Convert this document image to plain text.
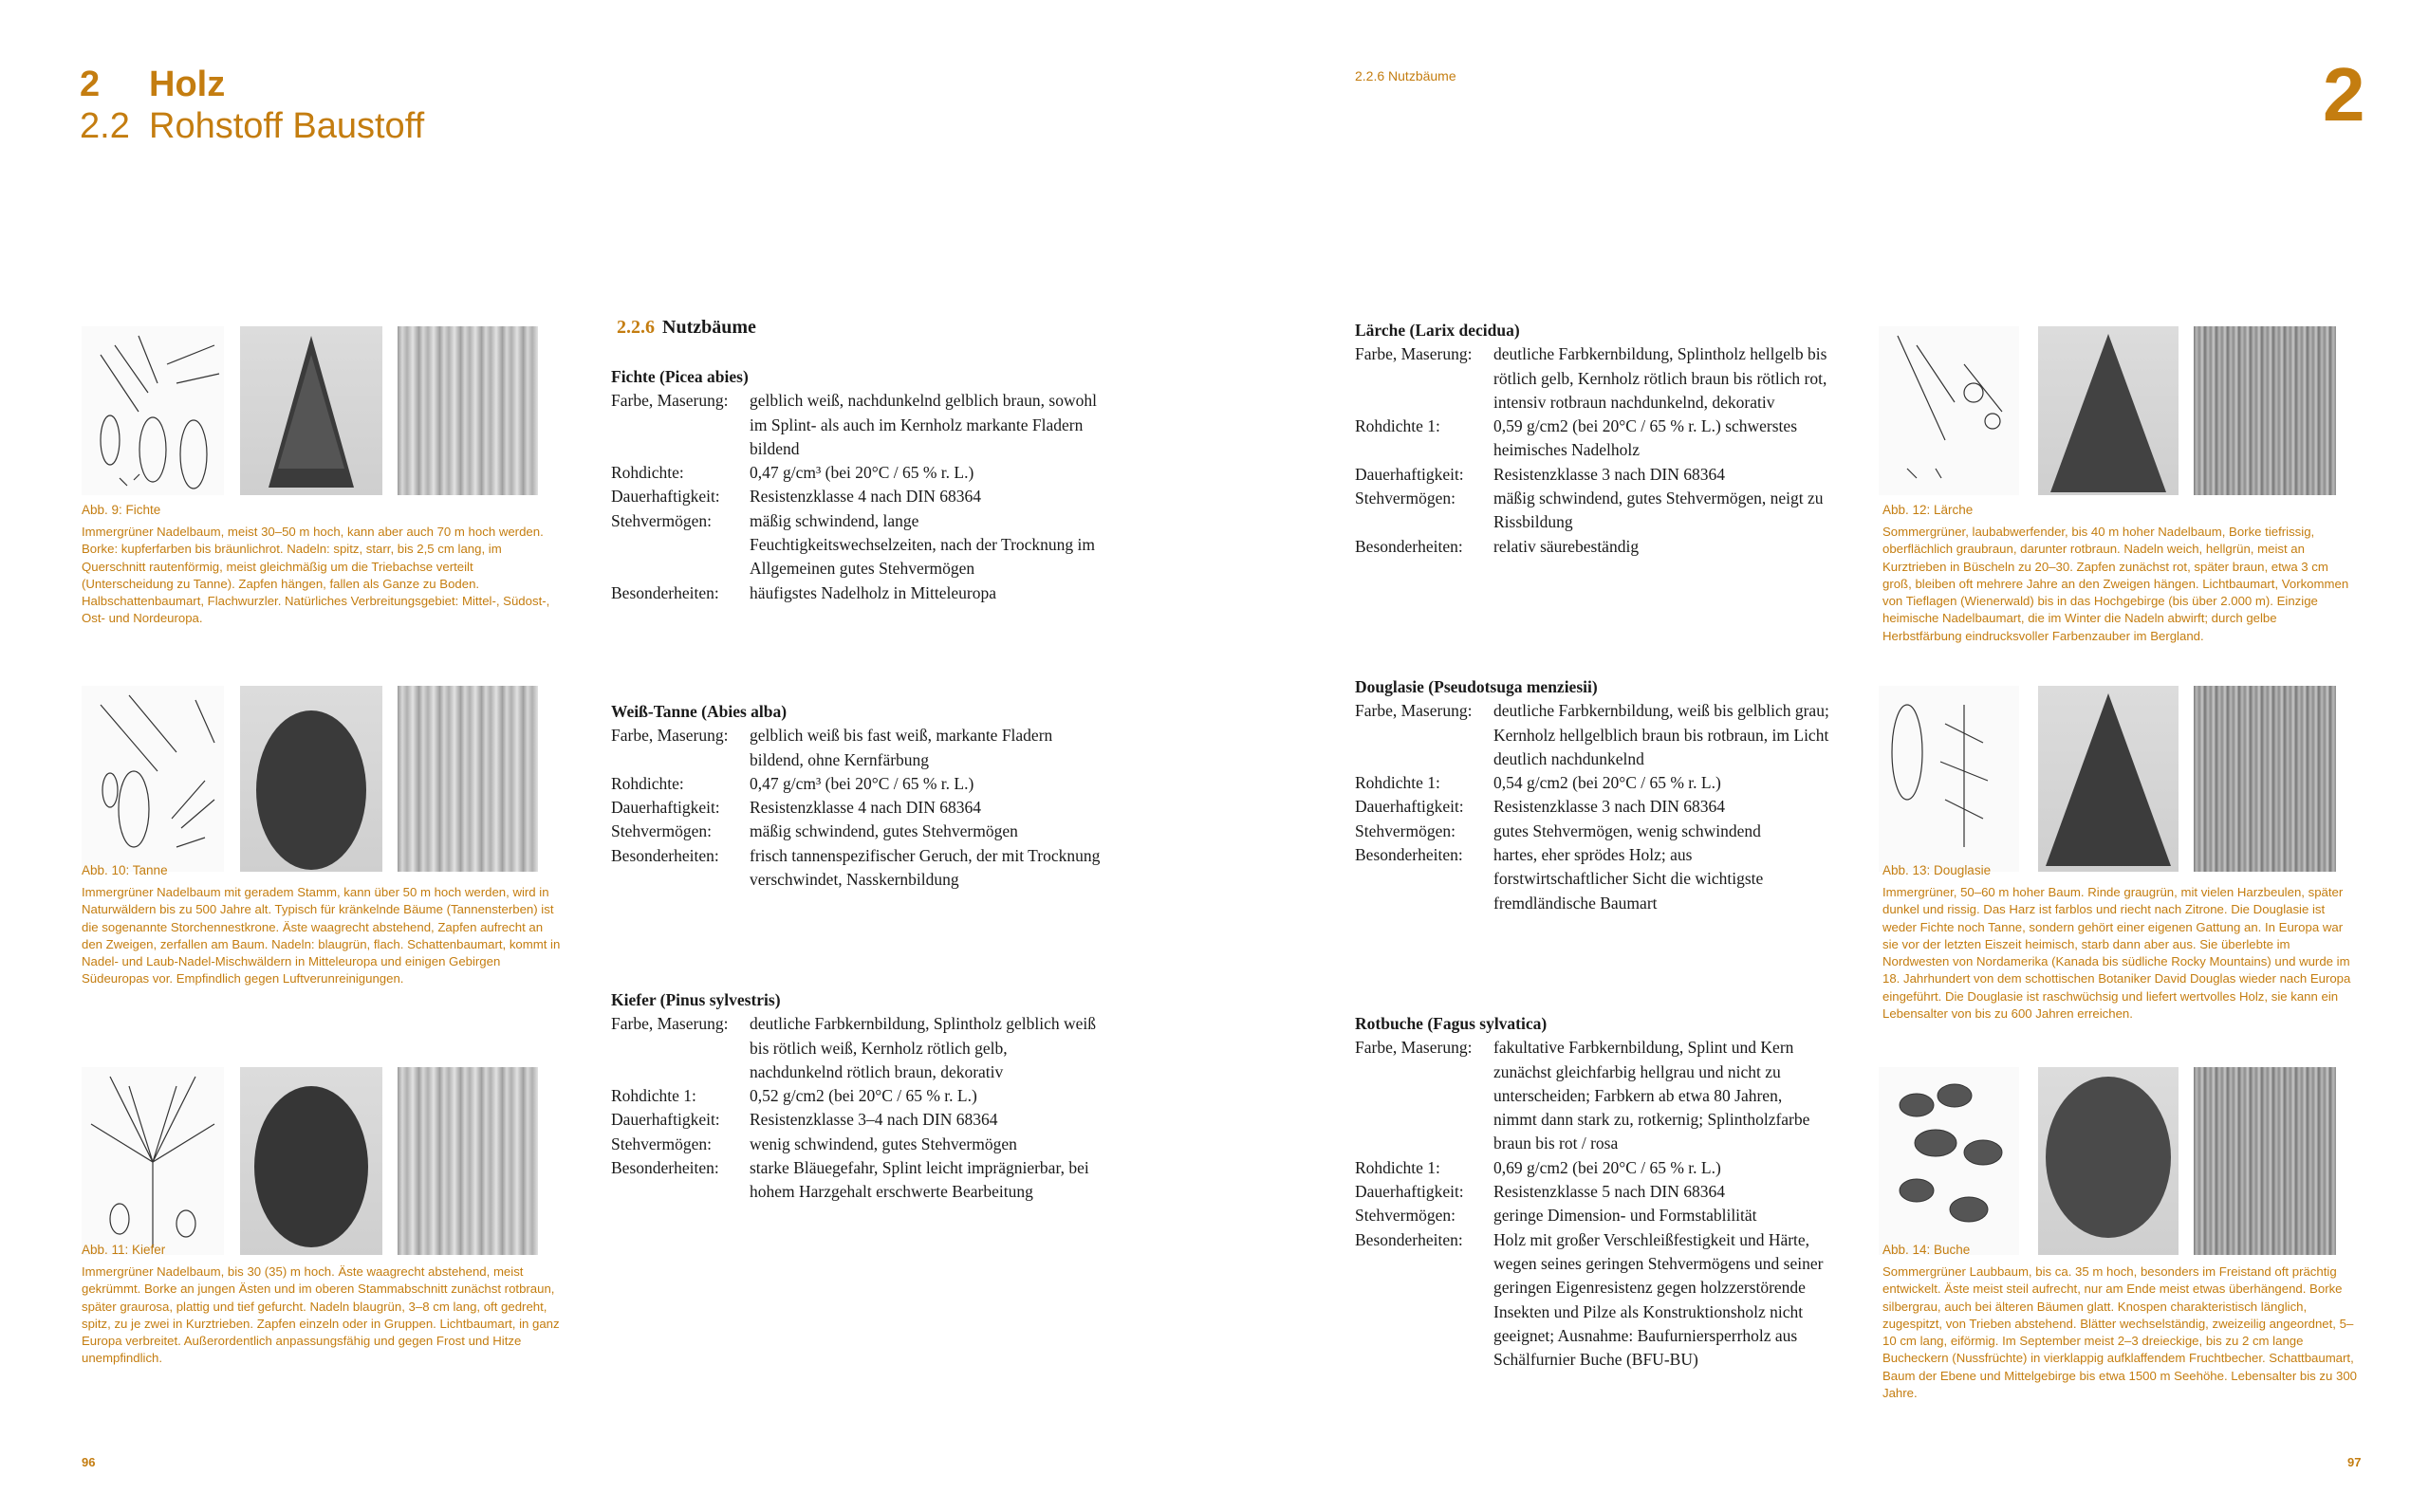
2 Holz
2.2 Rohstoff Baustoff
2.2.6 Nutzbäume	2
2.2.6 Nutzbäume
Abb. 9: Fichte
Immergrüner Nadelbaum, meist 30–50 m hoch, kann aber auch 70 m hoch werden. Borke: kupferfarben bis bräunlichrot. Nadeln: spitz, starr, bis 2,5 cm lang, im Querschnitt rautenförmig, meist gleichmäßig um die Triebachse verteilt (Unterscheidung zu Tanne). Zapfen hängen, fallen als Ganze zu Boden. Halbschattenbaumart, Flachwurzler. Natürliches Verbreitungsgebiet: Mittel-, Südost-, Ost- und Nordeuropa.
Abb. 10: Tanne
Immergrüner Nadelbaum mit geradem Stamm, kann über 50 m hoch werden, wird in Naturwäldern bis zu 500 Jahre alt. Typisch für kränkelnde Bäume (Tannensterben) ist die sogenannte Storchennestkrone. Äste waagrecht abstehend, Zapfen aufrecht an den Zweigen, zerfallen am Baum. Nadeln: blaugrün, flach. Schattenbaumart, kommt in Nadel- und Laub-Nadel-Mischwäldern in Mitteleuropa und einigen Gebirgen Südeuropas vor. Empfindlich gegen Luftverunreinigungen.
Abb. 11: Kiefer
Immergrüner Nadelbaum, bis 30 (35) m hoch. Äste waagrecht abstehend, meist gekrümmt. Borke an jungen Ästen und im oberen Stammabschnitt zunächst rotbraun, später graurosa, plattig und tief gefurcht. Nadeln blaugrün, 3–8 cm lang, oft gedreht, spitz, zu je zwei in Kurztrieben. Zapfen einzeln oder in Gruppen. Lichtbaumart, in ganz Europa verbreitet. Außerordentlich anpassungsfähig und gegen Frost und Hitze unempfindlich.
Abb. 12: Lärche
Sommergrüner, laubabwerfender, bis 40 m hoher Nadelbaum, Borke tiefrissig, oberflächlich graubraun, darunter rotbraun. Nadeln weich, hellgrün, meist an Kurztrieben in Büscheln zu 20–30. Zapfen zunächst rot, später braun, etwa 3 cm groß, bleiben oft mehrere Jahre an den Zweigen hängen. Lichtbaumart, Vorkommen von Tieflagen (Wienerwald) bis in das Hochgebirge (bis über 2.000 m). Einzige heimische Nadelbaumart, die im Winter die Nadeln abwirft; durch gelbe Herbstfärbung eindrucksvoller Farbenzauber im Bergland.
Abb. 13: Douglasie
Immergrüner, 50–60 m hoher Baum. Rinde graugrün, mit vielen Harzbeulen, später dunkel und rissig. Das Harz ist farblos und riecht nach Zitrone. Die Douglasie ist weder Fichte noch Tanne, sondern gehört einer eigenen Gattung an. In Europa war sie vor der letzten Eiszeit heimisch, starb dann aber aus. Sie überlebte im Nordwesten von Nordamerika (Kanada bis südliche Rocky Mountains) und wurde im 18. Jahrhundert von dem schottischen Botaniker David Douglas wieder nach Europa eingeführt. Die Douglasie ist raschwüchsig und liefert wertvolles Holz, sie kann ein Lebensalter von bis zu 600 Jahren erreichen.
Abb. 14: Buche
Sommergrüner Laubbaum, bis ca. 35 m hoch, besonders im Freistand oft prächtig entwickelt. Äste meist steil aufrecht, nur am Ende meist etwas überhängend. Borke silbergrau, auch bei älteren Bäumen glatt. Knospen charakteristisch länglich, zugespitzt, von Trieben abstehend. Blätter wechselständig, zweizeilig angeordnet, 5–10 cm lang, eiförmig. Im September meist 2–3 dreieckige, bis zu 2 cm lange Bucheckern (Nussfrüchte) in vierklappig aufklaffendem Fruchtbecher. Schattbaumart, Baum der Ebene und Mittelgebirge bis etwa 1500 m Seehöhe. Lebensalter bis zu 300 Jahre.
Fichte (Picea abies)
Farbe, Maserung:	gelblich weiß, nachdunkelnd gelblich braun, sowohl im Splint- als auch im Kernholz markante Fladern bildend
Rohdichte:	0,47 g/cm³ (bei 20°C / 65 % r. L.)
Dauerhaftigkeit:	Resistenzklasse 4 nach DIN 68364
Stehvermögen:	mäßig schwindend, lange Feuchtigkeitswechselzeiten, nach der Trocknung im Allgemeinen gutes Stehvermögen
Besonderheiten:	häufigstes Nadelholz in Mitteleuropa
Weiß-Tanne (Abies alba)
Farbe, Maserung:	gelblich weiß bis fast weiß, markante Fladern bildend, ohne Kernfärbung
Rohdichte:	0,47 g/cm³ (bei 20°C / 65 % r. L.)
Dauerhaftigkeit:	Resistenzklasse 4 nach DIN 68364
Stehvermögen:	mäßig schwindend, gutes Stehvermögen
Besonderheiten:	frisch tannenspezifischer Geruch, der mit Trocknung verschwindet, Nasskernbildung
Kiefer (Pinus sylvestris)
Farbe, Maserung:	deutliche Farbkernbildung, Splintholz gelblich weiß bis rötlich weiß, Kernholz rötlich gelb, nachdunkelnd rötlich braun, dekorativ
Rohdichte 1:	0,52 g/cm2 (bei 20°C / 65 % r. L.)
Dauerhaftigkeit:	Resistenzklasse 3–4 nach DIN 68364
Stehvermögen:	wenig schwindend, gutes Stehvermögen
Besonderheiten:	starke Bläuegefahr, Splint leicht imprägnierbar, bei hohem Harzgehalt erschwerte Bearbeitung
Lärche (Larix decidua)
Farbe, Maserung:	deutliche Farbkernbildung, Splintholz hellgelb bis rötlich gelb, Kernholz rötlich braun bis rötlich rot, intensiv rotbraun nachdunkelnd, dekorativ
Rohdichte 1:	0,59 g/cm2 (bei 20°C / 65 % r. L.) schwerstes heimisches Nadelholz
Dauerhaftigkeit:	Resistenzklasse 3 nach DIN 68364
Stehvermögen:	mäßig schwindend, gutes Stehvermögen, neigt zu Rissbildung
Besonderheiten:	relativ säurebeständig
Douglasie (Pseudotsuga menziesii)
Farbe, Maserung:	deutliche Farbkernbildung, weiß bis gelblich grau; Kernholz hellgelblich braun bis rotbraun, im Licht deutlich nachdunkelnd
Rohdichte 1:	0,54 g/cm2 (bei 20°C / 65 % r. L.)
Dauerhaftigkeit:	Resistenzklasse 3 nach DIN 68364
Stehvermögen:	gutes Stehvermögen, wenig schwindend
Besonderheiten:	hartes, eher sprödes Holz; aus forstwirtschaftlicher Sicht die wichtigste fremdländische Baumart
Rotbuche (Fagus sylvatica)
Farbe, Maserung:	fakultative Farbkernbildung, Splint und Kern zunächst gleichfarbig hellgrau und nicht zu unterscheiden; Farbkern ab etwa 80 Jahren, nimmt dann stark zu, rotkernig; Splintholzfarbe braun bis rot / rosa
Rohdichte 1:	0,69 g/cm2 (bei 20°C / 65 % r. L.)
Dauerhaftigkeit:	Resistenzklasse 5 nach DIN 68364
Stehvermögen:	geringe Dimension- und Formstablilität
Besonderheiten:	Holz mit großer Verschleißfestigkeit und Härte, wegen seines geringen Stehvermögens und seiner geringen Eigenresistenz gegen holzzerstörende Insekten und Pilze als Konstruktionsholz nicht geeignet; Ausnahme: Baufurniersperrholz aus Schälfurnier Buche (BFU-BU)
96	97
